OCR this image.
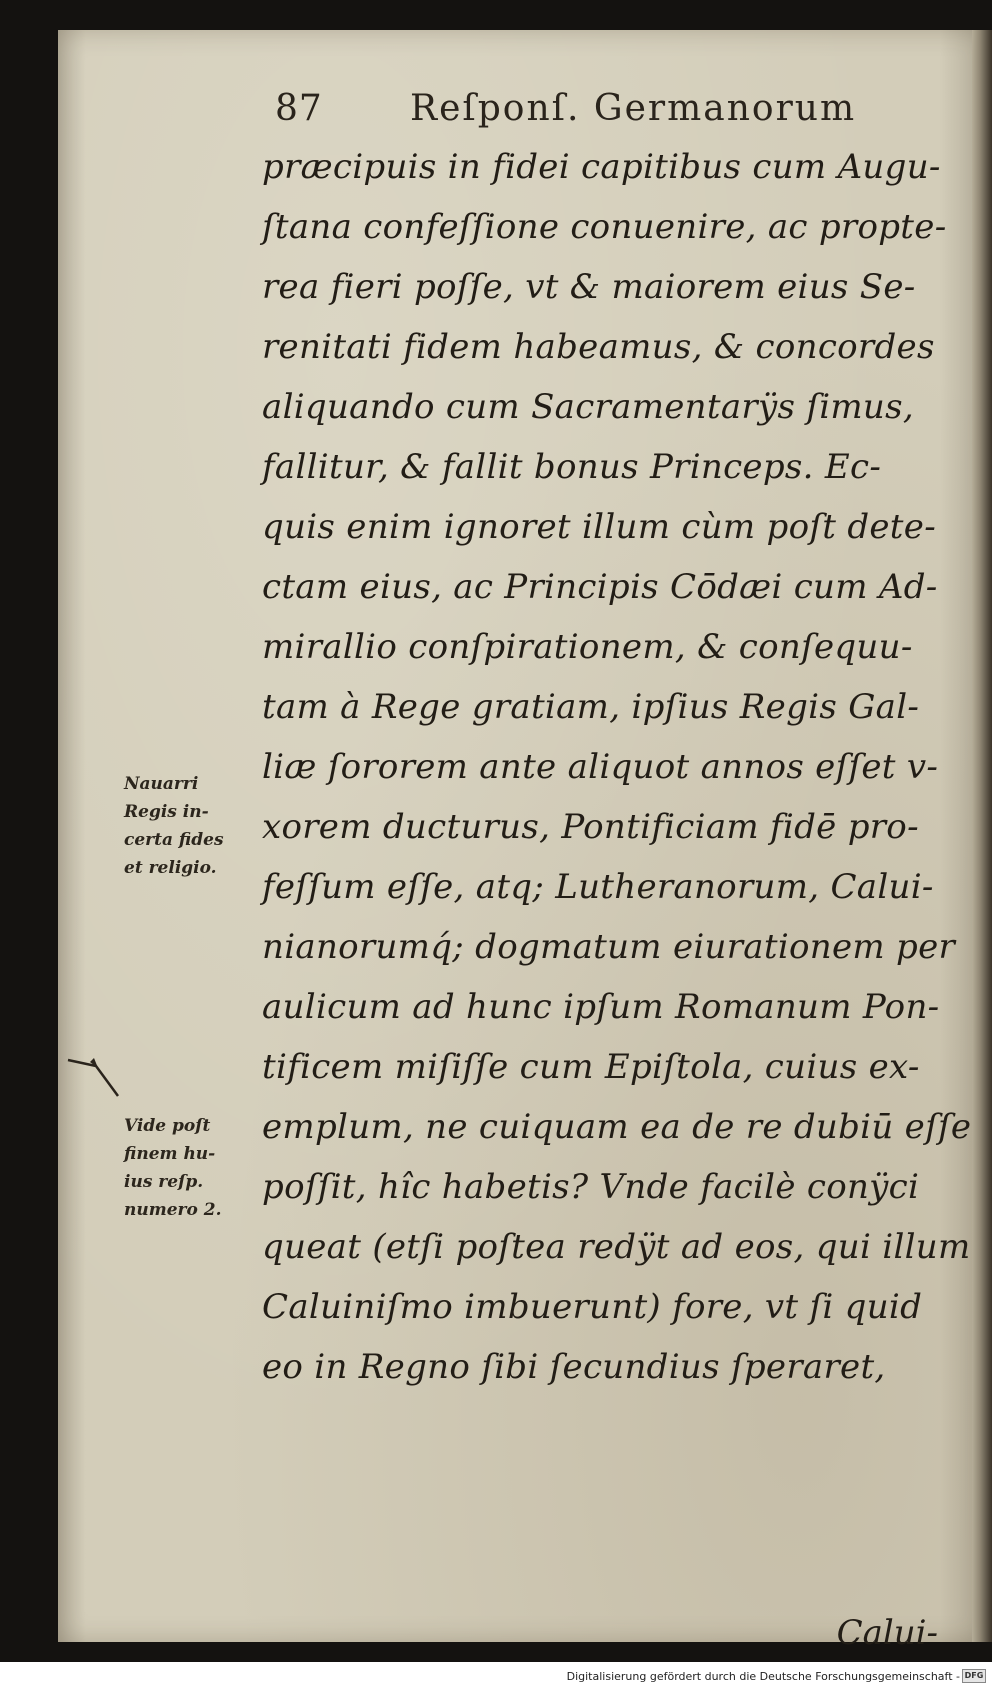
87 Reſponſ. Germanorum
præcipuis in fidei capitibus cum Augu-
ſtana confeſſione conuenire, ac propte-
rea fieri poſſe, vt & maiorem eius Se-
renitati fidem habeamus, & concordes
aliquando cum Sacramentarÿs ſimus,
fallitur, & fallit bonus Princeps. Ec-
quis enim ignoret illum cùm poſt dete-
ctam eius, ac Principis Cōdæi cum Ad-
mirallio conſpirationem, & conſequu-
tam à Rege gratiam, ipſius Regis Gal-
liæ ſororem ante aliquot annos eſſet v-
xorem ducturus, Pontificiam fidē pro-
feſſum eſſe, atq; Lutheranorum, Calui-
nianorumq́; dogmatum eiurationem per
aulicum ad hunc ipſum Romanum Pon-
tificem miſiſſe cum Epiſtola, cuius ex-
emplum, ne cuiquam ea de re dubiū eſſe
poſſit, hîc habetis? Vnde facilè conÿci
queat (etſi poſtea redÿt ad eos, qui illum
Caluiniſmo imbuerunt) fore, vt ſi quid
eo in Regno ſibi ſecundius ſperaret,
Calui-
Nauarri
Regis in-
certa fides
et religio.
Vide poſt
finem hu-
ius reſp.
numero 2.
Digitalisierung gefördert durch die Deutsche Forschungsgemeinschaft - DFG
